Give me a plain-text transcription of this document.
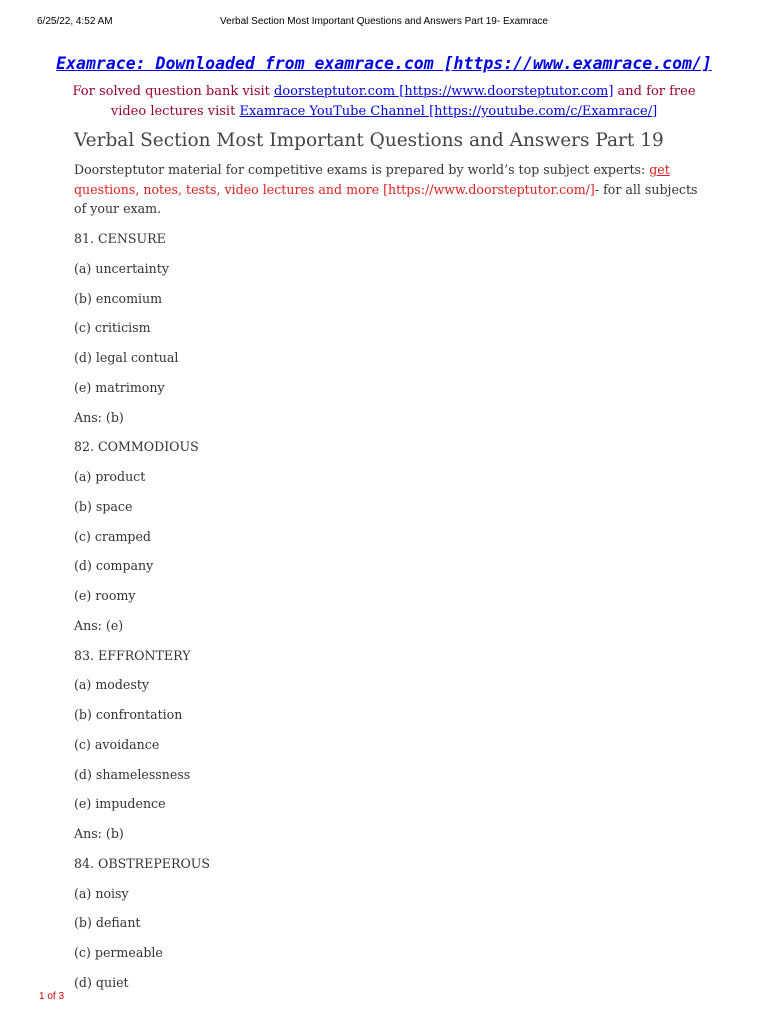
6/25/22, 4:52 AM	Verbal Section Most Important Questions and Answers Part 19- Examrace
Examrace: Downloaded from examrace.com [https://www.examrace.com/]
For solved question bank visit doorsteptutor.com [https://www.doorsteptutor.com] and for free video lectures visit Examrace YouTube Channel [https://youtube.com/c/Examrace/]
Verbal Section Most Important Questions and Answers Part 19
Doorsteptutor material for competitive exams is prepared by world’s top subject experts: get questions, notes, tests, video lectures and more [https://www.doorsteptutor.com/]- for all subjects of your exam.
81. CENSURE
(a) uncertainty
(b) encomium
(c) criticism
(d) legal contual
(e) matrimony
Ans: (b)
82. COMMODIOUS
(a) product
(b) space
(c) cramped
(d) company
(e) roomy
Ans: (e)
83. EFFRONTERY
(a) modesty
(b) confrontation
(c) avoidance
(d) shamelessness
(e) impudence
Ans: (b)
84. OBSTREPEROUS
(a) noisy
(b) defiant
(c) permeable
(d) quiet
1 of 3
